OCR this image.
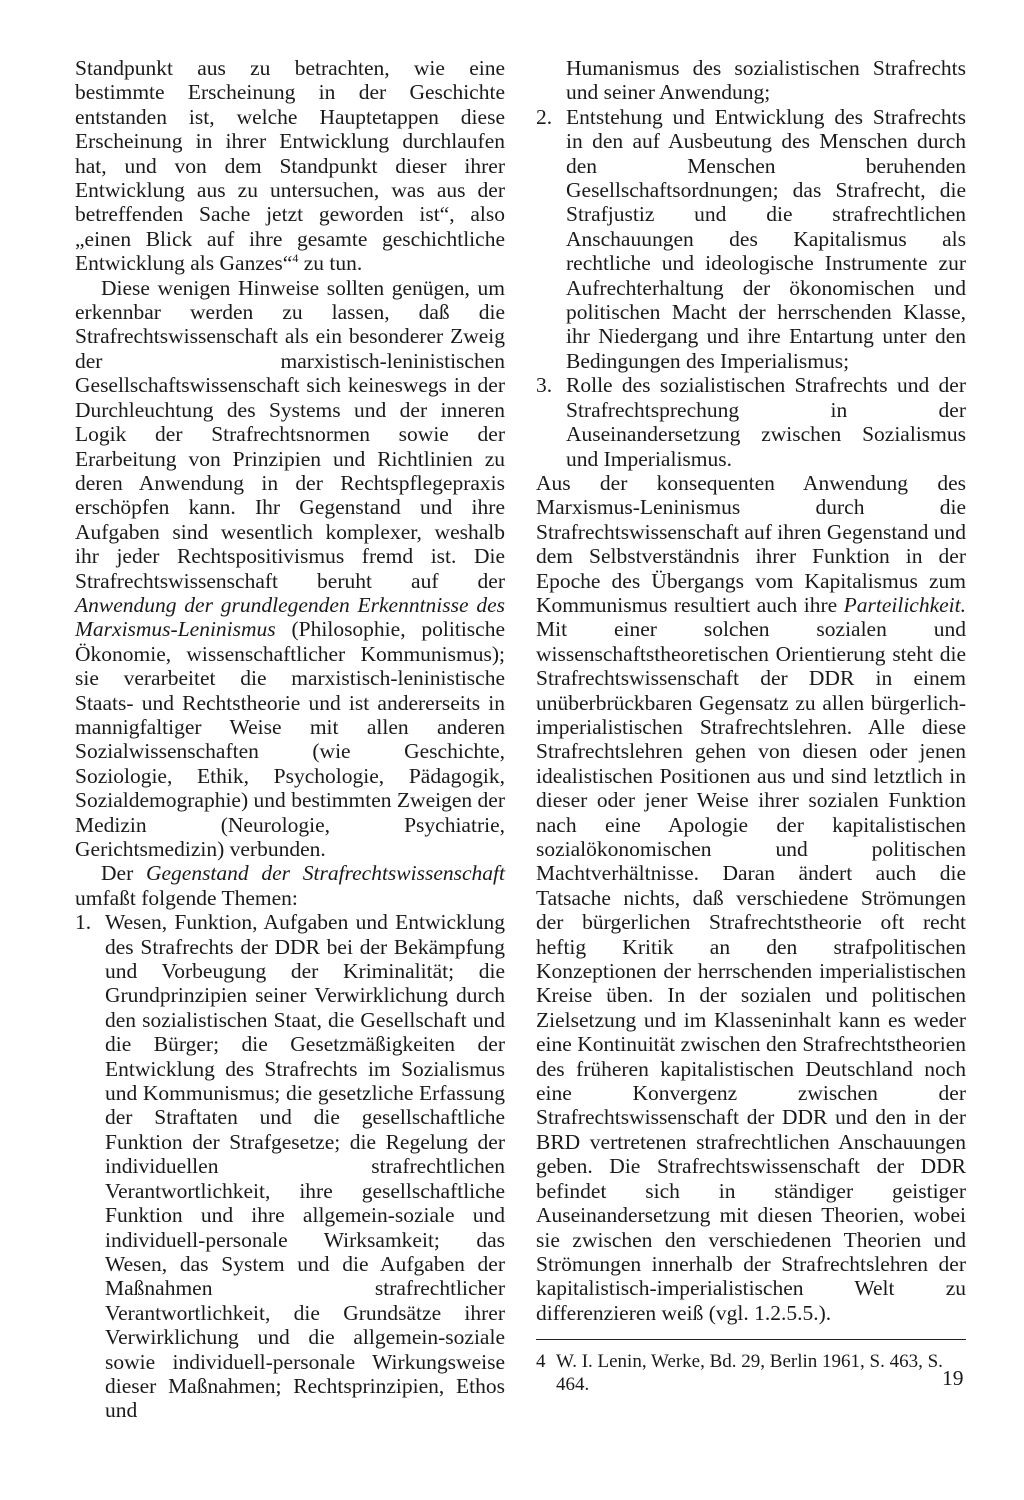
Standpunkt aus zu betrachten, wie eine bestimmte Erscheinung in der Geschichte entstanden ist, welche Hauptetappen diese Erscheinung in ihrer Entwicklung durchlaufen hat, und von dem Standpunkt dieser ihrer Entwicklung aus zu untersuchen, was aus der betreffenden Sache jetzt geworden ist“, also „einen Blick auf ihre gesamte geschichtliche Entwicklung als Ganzes“$^4$ zu tun.

Diese wenigen Hinweise sollten genügen, um erkennbar werden zu lassen, daß die Strafrechtswissenschaft als ein besonderer Zweig der marxistisch-leninistischen Gesellschaftswissenschaft sich keineswegs in der Durchleuchtung des Systems und der inneren Logik der Strafrechtsnormen sowie der Erarbeitung von Prinzipien und Richtlinien zu deren Anwendung in der Rechtspflegepraxis erschöpfen kann. Ihr Gegenstand und ihre Aufgaben sind wesentlich komplexer, weshalb ihr jeder Rechtspositivismus fremd ist. Die Strafrechtswissenschaft beruht auf der Anwendung der grundlegenden Erkenntnisse des Marxismus-Leninismus (Philosophie, politische Ökonomie, wissenschaftlicher Kommunismus); sie verarbeitet die marxistisch-leninistische Staats- und Rechtstheorie und ist andererseits in mannigfaltiger Weise mit allen anderen Sozialwissenschaften (wie Geschichte, Soziologie, Ethik, Psychologie, Pädagogik, Sozialdemographie) und bestimmten Zweigen der Medizin (Neurologie, Psychiatrie, Gerichtsmedizin) verbunden.

Der Gegenstand der Strafrechtswissenschaft umfaßt folgende Themen:

1. Wesen, Funktion, Aufgaben und Entwicklung des Strafrechts der DDR bei der Bekämpfung und Vorbeugung der Kriminalität; die Grundprinzipien seiner Verwirklichung durch den sozialistischen Staat, die Gesellschaft und die Bürger; die Gesetzmäßigkeiten der Entwicklung des Strafrechts im Sozialismus und Kommunismus; die gesetzliche Erfassung der Straftaten und die gesellschaftliche Funktion der Strafgesetze; die Regelung der individuellen strafrechtlichen Verantwortlichkeit, ihre gesellschaftliche Funktion und ihre allgemein-soziale und individuell-personale Wirksamkeit; das Wesen, das System und die Aufgaben der Maßnahmen strafrechtlicher Verantwortlichkeit, die Grundsätze ihrer Verwirklichung und die allgemein-soziale sowie individuell-personale Wirkungsweise dieser Maßnahmen; Rechtsprinzipien, Ethos und

Humanismus des sozialistischen Strafrechts und seiner Anwendung;

2. Entstehung und Entwicklung des Strafrechts in den auf Ausbeutung des Menschen durch den Menschen beruhenden Gesellschaftsordnungen; das Strafrecht, die Strafjustiz und die strafrechtlichen Anschauungen des Kapitalismus als rechtliche und ideologische Instrumente zur Aufrechterhaltung der ökonomischen und politischen Macht der herrschenden Klasse, ihr Niedergang und ihre Entartung unter den Bedingungen des Imperialismus;
3. Rolle des sozialistischen Strafrechts und der Strafrechtsprechung in der Auseinandersetzung zwischen Sozialismus und Imperialismus.

Aus der konsequenten Anwendung des Marxismus-Leninismus durch die Strafrechtswissenschaft auf ihren Gegenstand und dem Selbstverständnis ihrer Funktion in der Epoche des Übergangs vom Kapitalismus zum Kommunismus resultiert auch ihre Parteilichkeit. Mit einer solchen sozialen und wissenschaftstheoretischen Orientierung steht die Strafrechtswissenschaft der DDR in einem unüberbrückbaren Gegensatz zu allen bürgerlich-imperialistischen Strafrechtslehren. Alle diese Strafrechtslehren gehen von diesen oder jenen idealistischen Positionen aus und sind letztlich in dieser oder jener Weise ihrer sozialen Funktion nach eine Apologie der kapitalistischen sozialökonomischen und politischen Machtverhältnisse. Daran ändert auch die Tatsache nichts, daß verschiedene Strömungen der bürgerlichen Strafrechtstheorie oft recht heftig Kritik an den strafpolitischen Konzeptionen der herrschenden imperialistischen Kreise üben. In der sozialen und politischen Zielsetzung und im Klasseninhalt kann es weder eine Kontinuität zwischen den Strafrechtstheorien des früheren kapitalistischen Deutschland noch eine Konvergenz zwischen der Strafrechtswissenschaft der DDR und den in der BRD vertretenen strafrechtlichen Anschauungen geben. Die Strafrechtswissenschaft der DDR befindet sich in ständiger geistiger Auseinandersetzung mit diesen Theorien, wobei sie zwischen den verschiedenen Theorien und Strömungen innerhalb der Strafrechtslehren der kapitalistisch-imperialistischen Welt zu differenzieren weiß (vgl. 1.2.5.5.).

4 W. I. Lenin, Werke, Bd. 29, Berlin 1961, S. 463, S. 464.	19
